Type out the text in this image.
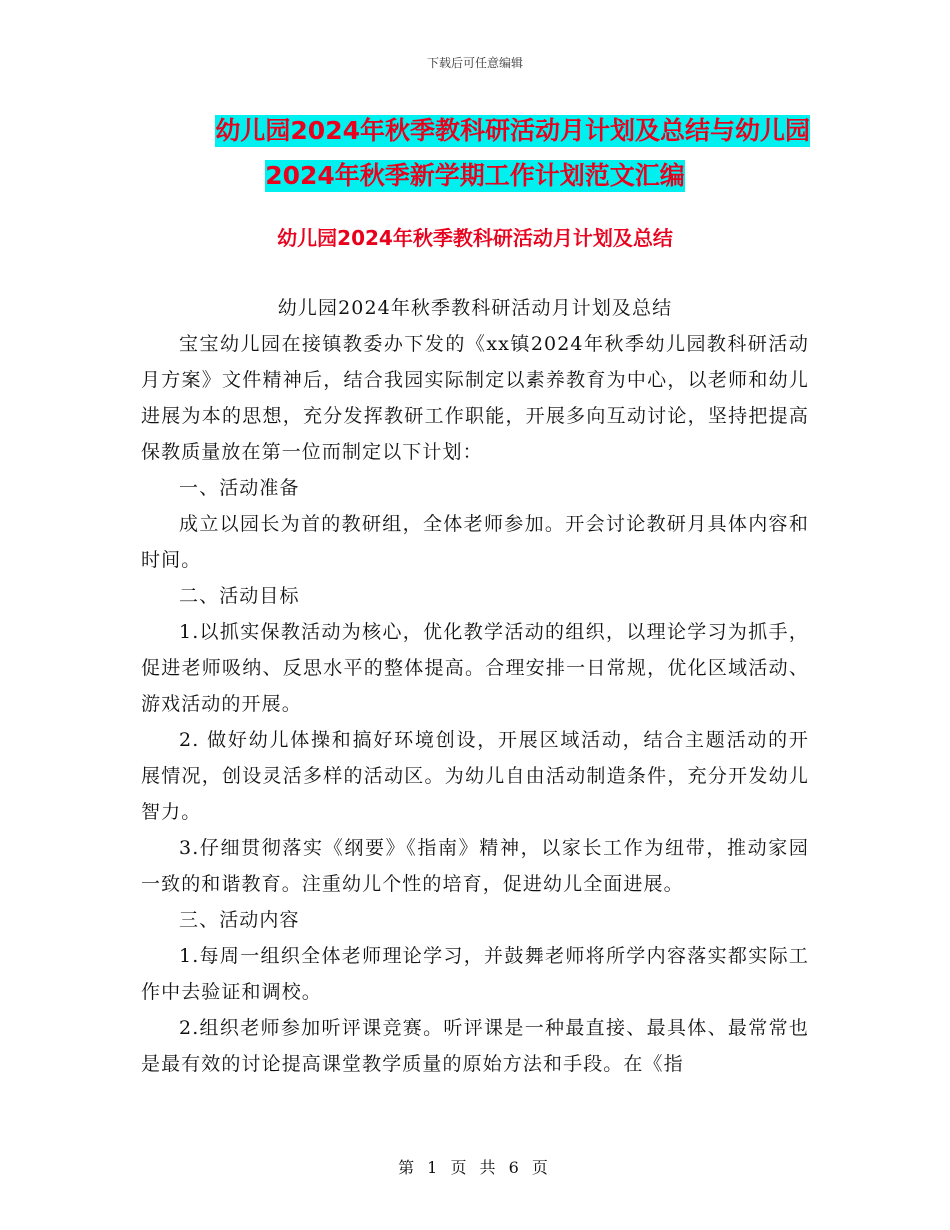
下载后可任意编辑
幼儿园2024年秋季教科研活动月计划及总结与幼儿园
2024年秋季新学期工作计划范文汇编
幼儿园2024年秋季教科研活动月计划及总结

幼儿园2024年秋季教科研活动月计划及总结

宝宝幼儿园在接镇教委办下发的《xx镇2024年秋季幼儿园教科研活动月方案》文件精神后，结合我园实际制定以素养教育为中心，以老师和幼儿进展为本的思想，充分发挥教研工作职能，开展多向互动讨论，坚持把提高保教质量放在第一位而制定以下计划：

一、活动准备

成立以园长为首的教研组，全体老师参加。开会讨论教研月具体内容和时间。

二、活动目标

1.以抓实保教活动为核心，优化教学活动的组织，以理论学习为抓手，促进老师吸纳、反思水平的整体提高。合理安排一日常规，优化区域活动、游戏活动的开展。

2. 做好幼儿体操和搞好环境创设，开展区域活动，结合主题活动的开展情况，创设灵活多样的活动区。为幼儿自由活动制造条件，充分开发幼儿智力。

3.仔细贯彻落实《纲要》《指南》精神，以家长工作为纽带，推动家园一致的和谐教育。注重幼儿个性的培育，促进幼儿全面进展。

三、活动内容

1.每周一组织全体老师理论学习，并鼓舞老师将所学内容落实都实际工作中去验证和调校。

2.组织老师参加听评课竞赛。听评课是一种最直接、最具体、最常常也是最有效的讨论提高课堂教学质量的原始方法和手段。在《指

第 1 页 共 6 页
